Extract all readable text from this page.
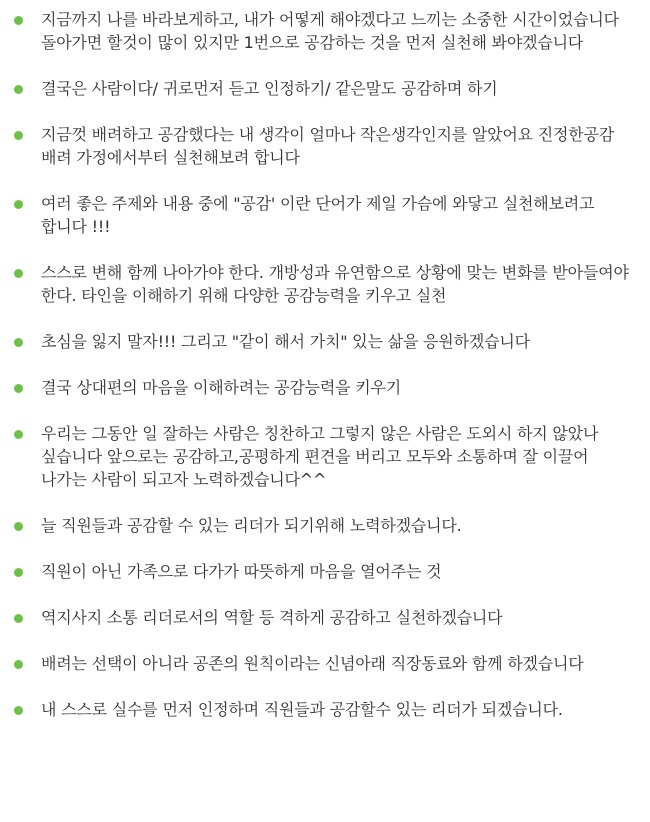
지금까지 나를 바라보게하고, 내가 어떻게 해야겠다고 느끼는 소중한 시간이었습니다 돌아가면 할것이 많이 있지만 1번으로 공감하는 것을 먼저 실천해 봐야겠습니다
결국은 사람이다/ 귀로먼저 듣고 인정하기/ 같은말도 공감하며 하기
지금껏 배려하고 공감했다는 내 생각이 얼마나 작은생각인지를 알았어요 진정한공감 배려 가정에서부터 실천해보려 합니다
여러 좋은 주제와 내용 중에 "공감' 이란 단어가 제일 가슴에 와닿고 실천해보려고 합니다 !!!
스스로 변해 함께 나아가야 한다. 개방성과 유연함으로 상황에 맞는 변화를 받아들여야 한다. 타인을 이해하기 위해 다양한 공감능력을 키우고 실천
초심을 잃지 말자!!! 그리고 "같이 해서 가치" 있는 삶을 응원하겠습니다
결국 상대편의 마음을 이해하려는 공감능력을 키우기
우리는 그동안 일 잘하는 사람은 칭찬하고 그렇지 않은 사람은 도외시 하지 않았나 싶습니다 앞으로는 공감하고,공평하게 편견을 버리고 모두와 소통하며 잘 이끌어 나가는 사람이 되고자 노력하겠습니다^^
늘 직원들과 공감할 수 있는 리더가 되기위해 노력하겠습니다.
직원이 아닌 가족으로 다가가 따뜻하게 마음을 열어주는 것
역지사지 소통 리더로서의 역할 등 격하게 공감하고 실천하겠습니다
배려는 선택이 아니라 공존의 원칙이라는 신념아래 직장동료와 함께 하겠습니다
내 스스로 실수를 먼저 인정하며 직원들과 공감할수 있는 리더가 되겠습니다.
